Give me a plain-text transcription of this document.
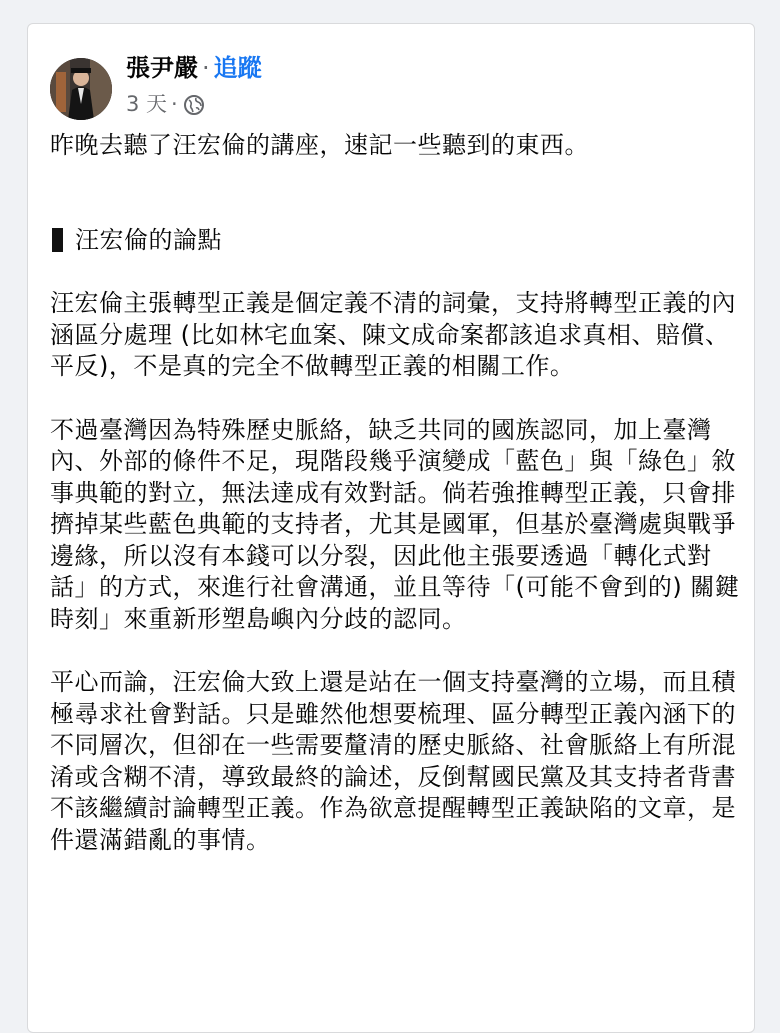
張尹嚴 · 追蹤
3 天 ·

昨晚去聽了汪宏倫的講座，速記一些聽到的東西。

汪宏倫的論點

汪宏倫主張轉型正義是個定義不清的詞彙，支持將轉型正義的內涵區分處理 (比如林宅血案、陳文成命案都該追求真相、賠償、平反)，不是真的完全不做轉型正義的相關工作。

不過臺灣因為特殊歷史脈絡，缺乏共同的國族認同，加上臺灣內、外部的條件不足，現階段幾乎演變成「藍色」與「綠色」敘事典範的對立，無法達成有效對話。倘若強推轉型正義，只會排擠掉某些藍色典範的支持者，尤其是國軍，但基於臺灣處與戰爭邊緣，所以沒有本錢可以分裂，因此他主張要透過「轉化式對話」的方式，來進行社會溝通，並且等待「(可能不會到的) 關鍵時刻」來重新形塑島嶼內分歧的認同。

平心而論，汪宏倫大致上還是站在一個支持臺灣的立場，而且積極尋求社會對話。只是雖然他想要梳理、區分轉型正義內涵下的不同層次，但卻在一些需要釐清的歷史脈絡、社會脈絡上有所混淆或含糊不清，導致最終的論述，反倒幫國民黨及其支持者背書不該繼續討論轉型正義。作為欲意提醒轉型正義缺陷的文章，是件還滿錯亂的事情。
